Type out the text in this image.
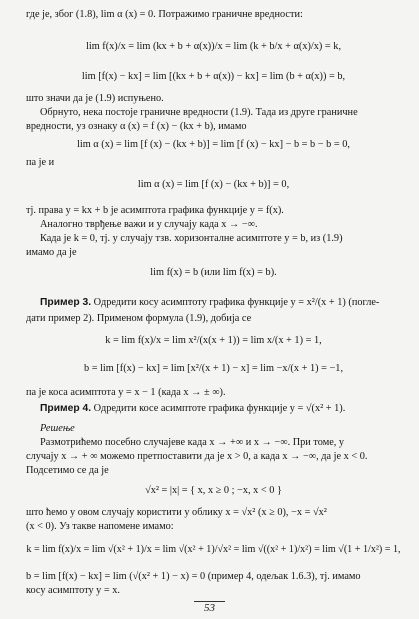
где је, због (1.8), lim α (x) = 0. Потражимо граничне вредности:
lim f(x)/x = lim (kx + b + α(x))/x = lim (k + b/x + α(x)/x) = k,
lim [f(x) − kx] = lim [(kx + b + α(x)) − kx] = lim (b + α(x)) = b,
што значи да је (1.9) испуњено.
Обрнуто, нека постоје граничне вредности (1.9). Тада из друге граничне
вредности, уз ознаку α (x) = f (x) − (kx + b), имамо
lim α (x) = lim [f (x) − (kx + b)] = lim [f (x) − kx] − b = b − b = 0,
па је и
lim α (x) = lim [f (x) − (kx + b)] = 0,
тј. права y = kx + b је асимптота графика функције y = f(x).
Аналогно тврђење важи и у случају када x → −∞.
Када је k = 0, тј. у случају тзв. хоризонталне асимптоте y = b, из (1.9)
имамо да је
lim f(x) = b (или lim f(x) = b).
Пример 3. Одредити косу асимптоту графика функције y = x²/(x + 1) (погле-
дати пример 2). Применом формула (1.9), добија се
k = lim f(x)/x = lim x²/(x(x + 1)) = lim x/(x + 1) = 1,
b = lim [f(x) − kx] = lim [x²/(x + 1) − x] = lim −x/(x + 1) = −1,
па је коса асимптота y = x − 1 (када x → ± ∞).
Пример 4. Одредити косе асимптоте графика функције y = √(x² + 1).
Решење
Размотрићемо посебно случајеве када x → +∞ и x → −∞. При томе, у
случају x → + ∞ можемо претпоставити да је x > 0, а када x → −∞, да је x < 0.
Подсетимо се да је
√x² = |x| = { x, x ≥ 0 ; −x, x < 0 }
што ћемо у овом случају користити у облику x = √x² (x ≥ 0), −x = √x²
(x < 0). Уз такве напомене имамо:
k = lim f(x)/x = lim √(x² + 1)/x = lim √(x² + 1)/√x² = lim √((x² + 1)/x²) = lim √(1 + 1/x²) = 1,
b = lim [f(x) − kx] = lim (√(x² + 1) − x) = 0 (пример 4, одељак 1.6.3), тј. имамо
косу асимптоту y = x.
53
